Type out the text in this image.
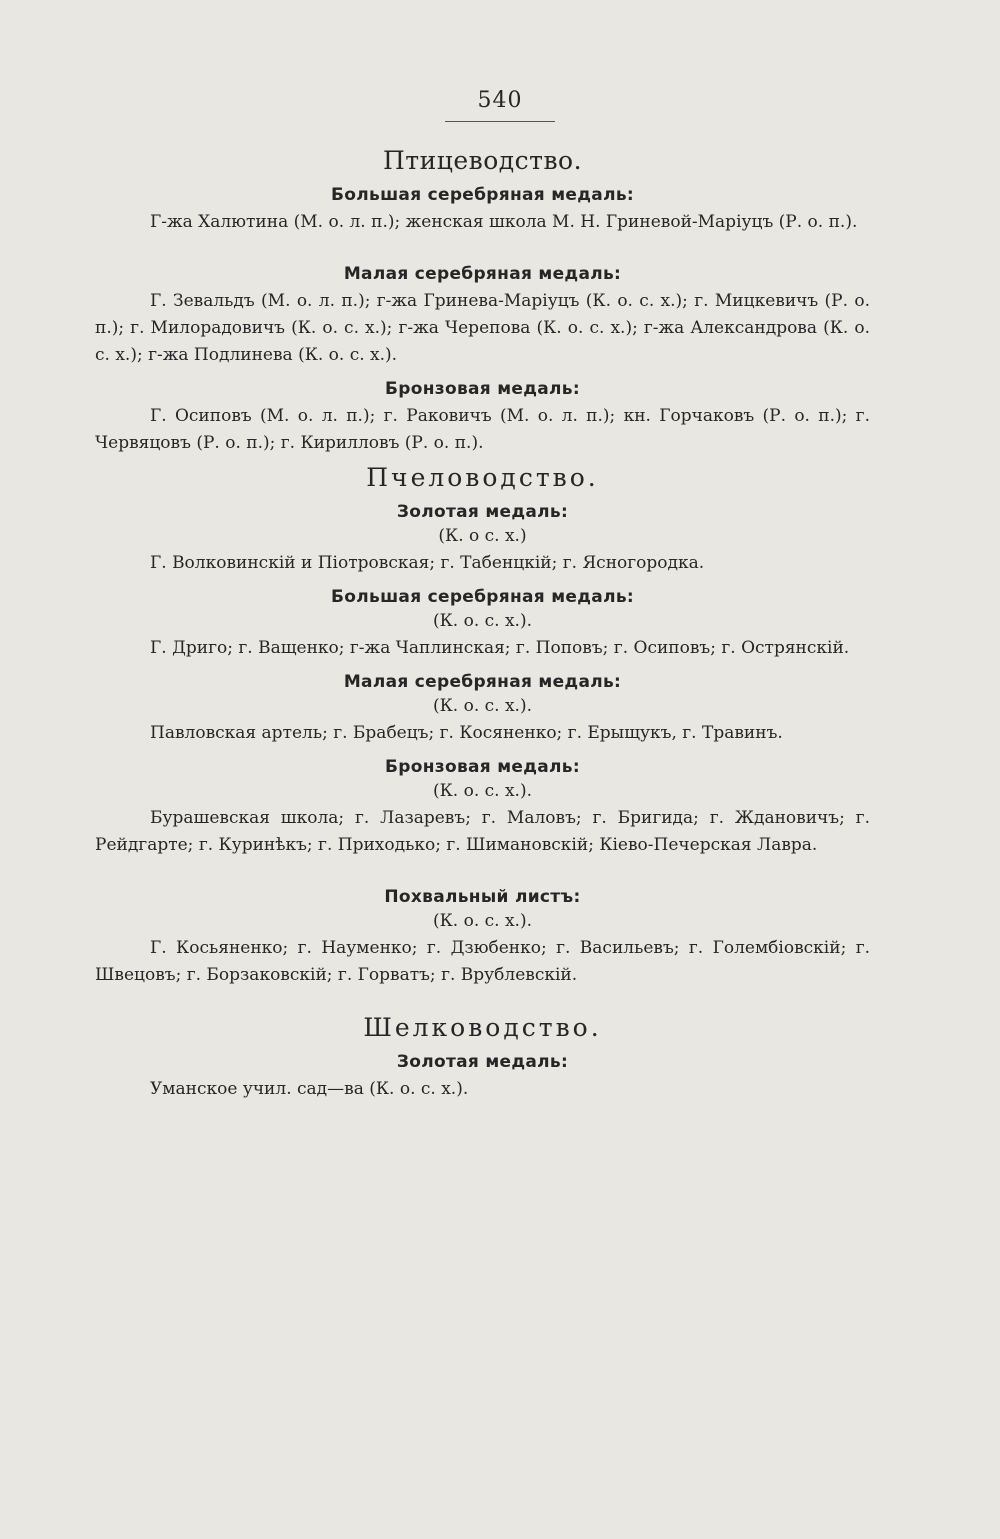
540
Птицеводство.
Большая серебряная медаль:

Г-жа Халютина (М. о. л. п.); женская школа М. Н. Гриневой-Маріуцъ (Р. о. п.).

Малая серебряная медаль:

Г. Зевальдъ (М. о. л. п.); г-жа Гринева-Маріуцъ (К. о. с. х.); г. Мицкевичъ (Р. о. п.); г. Милорадовичъ (К. о. с. х.); г-жа Черепова (К. о. с. х.); г-жа Александрова (К. о. с. х.); г-жа Подлинева (К. о. с. х.).

Бронзовая медаль:

Г. Осиповъ (М. о. л. п.); г. Раковичъ (М. о. л. п.); кн. Горчаковъ (Р. о. п.); г. Червяцовъ (Р. о. п.); г. Кирилловъ (Р. о. п.).

Пчеловодство.
Золотая медаль:
(К. о с. х.)

Г. Волковинскій и Піотровская; г. Табенцкій; г. Ясногородка.

Большая серебряная медаль:
(К. о. с. х.).

Г. Дриго; г. Ващенко; г-жа Чаплинская; г. Поповъ; г. Осиповъ; г. Острянскій.

Малая серебряная медаль:
(К. о. с. х.).

Павловская артель; г. Брабецъ; г. Косяненко; г. Ерыщукъ, г. Травинъ.

Бронзовая медаль:
(К. о. с. х.).

Бурашевская школа; г. Лазаревъ; г. Маловъ; г. Бригида; г. Ждановичъ; г. Рейдгарте; г. Куринѣкъ; г. Приходько; г. Шимановскій; Кіево-Печерская Лавра.

Похвальный листъ:
(К. о. с. х.).

Г. Косьяненко; г. Науменко; г. Дзюбенко; г. Васильевъ; г. Голембіовскій; г. Швецовъ; г. Борзаковскій; г. Горватъ; г. Врублевскій.

Шелководство.
Золотая медаль:

Уманское учил. сад—ва (К. о. с. х.).
